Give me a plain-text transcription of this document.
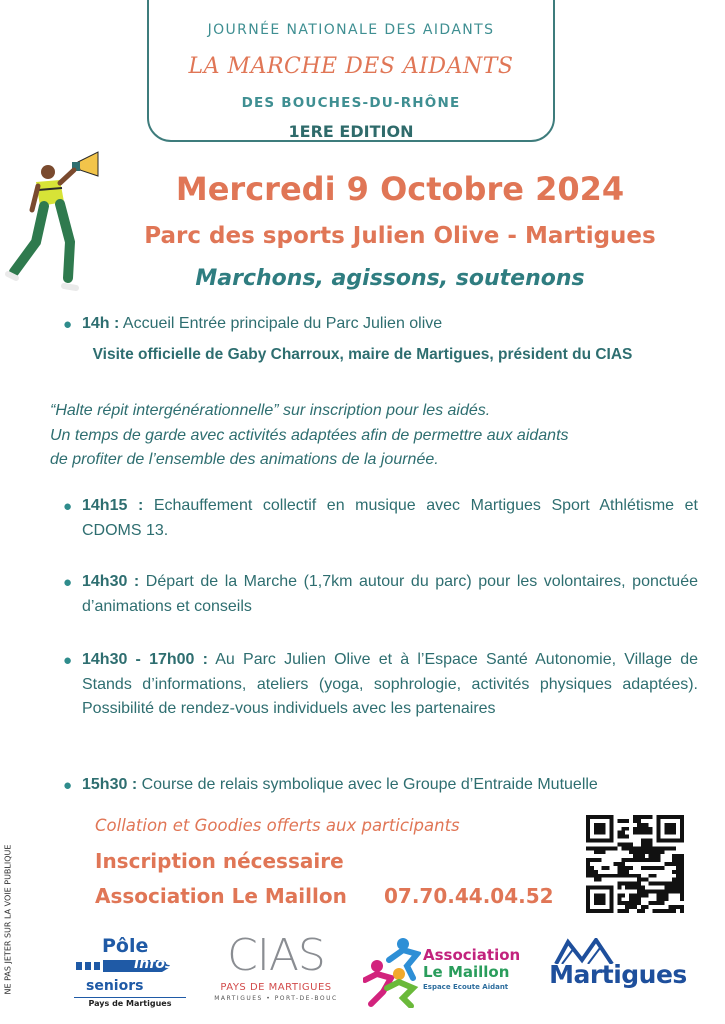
JOURNÉE NATIONALE DES AIDANTS
LA MARCHE DES AIDANTS
DES BOUCHES-DU-RHÔNE
1ERE EDITION
Mercredi 9 Octobre 2024
Parc des sports Julien Olive - Martigues
Marchons, agissons, soutenons
● 14h : Accueil Entrée principale du Parc Julien olive
Visite officielle de Gaby Charroux, maire de Martigues, président du CIAS
“Halte répit intergénérationnelle” sur inscription pour les aidés.
Un temps de garde avec activités adaptées afin de permettre aux aidants
de profiter de l’ensemble des animations de la journée.
● 14h15 : Echauffement collectif en musique avec Martigues Sport Athlétisme et CDOMS 13.
● 14h30 : Départ de la Marche (1,7km autour du parc) pour les volontaires, ponctuée d’animations et conseils
● 14h30 - 17h00 : Au Parc Julien Olive et à l’Espace Santé Autonomie, Village de Stands d’informations, ateliers (yoga, sophrologie, activités physiques adaptées). Possibilité de rendez-vous individuels avec les partenaires
● 15h30 : Course de relais symbolique avec le Groupe d’Entraide Mutuelle
Collation et Goodies offerts aux participants
Inscription nécessaire
Association Le Maillon 07.70.44.04.52
NE PAS JETER SUR LA VOIE PUBLIQUE	Pôle
Infos
seniors
Pays de Martigues
CIAS
PAYS DE MARTIGUES
MARTIGUES • PORT-DE-BOUC
Association
Le Maillon
Espace Ecoute Aidant Martigues
